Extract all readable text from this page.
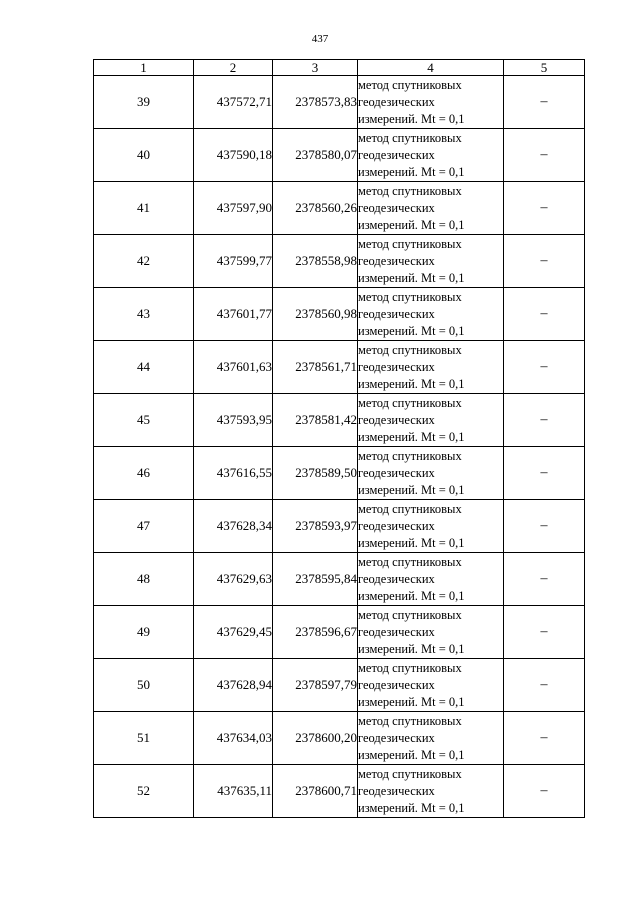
437
1	2	3	4	5
39	437572,71	2378573,83	метод спутниковых
геодезических
измерений. Mt = 0,1	–
40	437590,18	2378580,07	метод спутниковых
геодезических
измерений. Mt = 0,1	–
41	437597,90	2378560,26	метод спутниковых
геодезических
измерений. Mt = 0,1	–
42	437599,77	2378558,98	метод спутниковых
геодезических
измерений. Mt = 0,1	–
43	437601,77	2378560,98	метод спутниковых
геодезических
измерений. Mt = 0,1	–
44	437601,63	2378561,71	метод спутниковых
геодезических
измерений. Mt = 0,1	–
45	437593,95	2378581,42	метод спутниковых
геодезических
измерений. Mt = 0,1	–
46	437616,55	2378589,50	метод спутниковых
геодезических
измерений. Mt = 0,1	–
47	437628,34	2378593,97	метод спутниковых
геодезических
измерений. Mt = 0,1	–
48	437629,63	2378595,84	метод спутниковых
геодезических
измерений. Mt = 0,1	–
49	437629,45	2378596,67	метод спутниковых
геодезических
измерений. Mt = 0,1	–
50	437628,94	2378597,79	метод спутниковых
геодезических
измерений. Mt = 0,1	–
51	437634,03	2378600,20	метод спутниковых
геодезических
измерений. Mt = 0,1	–
52	437635,11	2378600,71	метод спутниковых
геодезических
измерений. Mt = 0,1	–
